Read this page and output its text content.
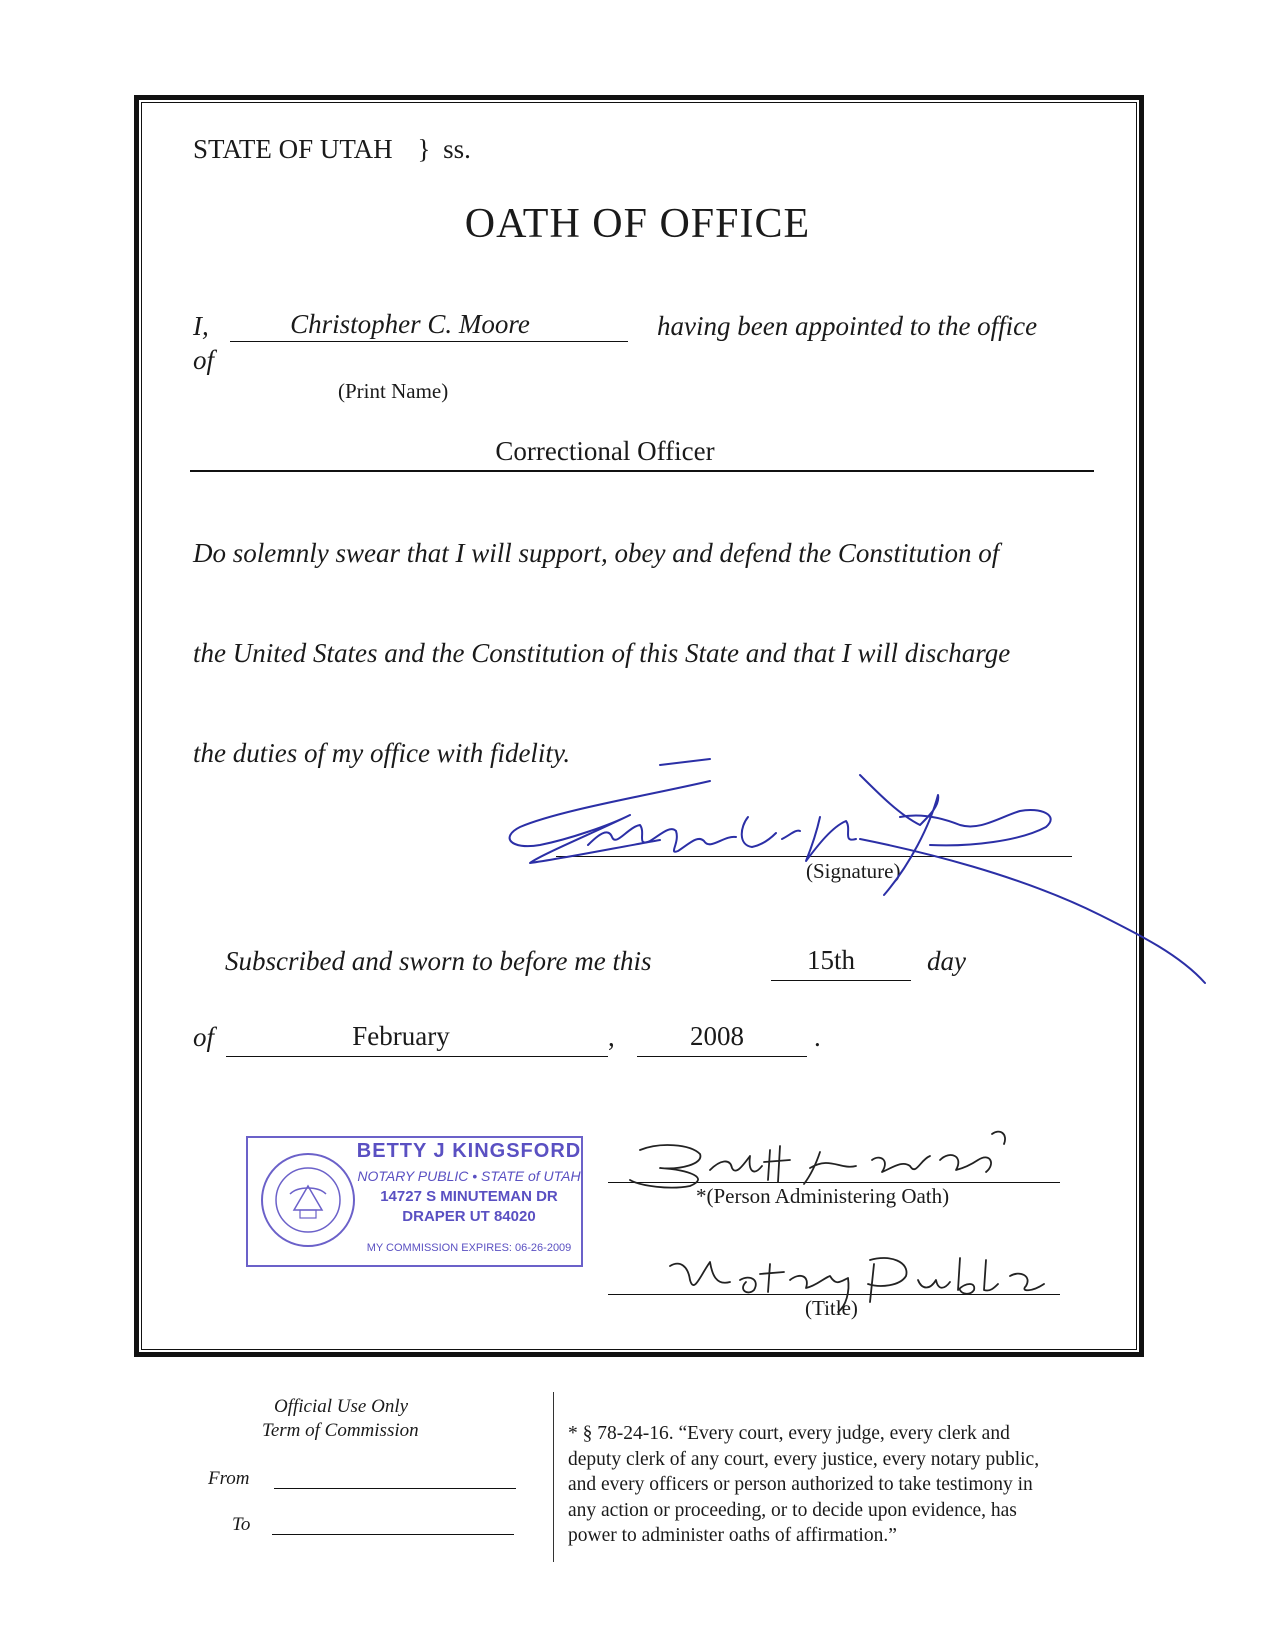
STATE OF UTAH } ss.
OATH OF OFFICE
I,	Christopher C. Moore	having been appointed to the office
of
(Print Name)
Correctional Officer
Do solemnly swear that I will support, obey and defend the Constitution of
the United States and the Constitution of this State and that I will discharge
the duties of my office with fidelity.
(Signature)
Subscribed and sworn to before me this	15th	day
of	February	,	2008	.
BETTY J KINGSFORD
NOTARY PUBLIC • STATE of UTAH
14727 S MINUTEMAN DR
DRAPER UT 84020
MY COMMISSION EXPIRES: 06-26-2009
*(Person Administering Oath)
(Title)
Official Use Only
Term of Commission
From
To
* § 78-24-16. “Every court, every judge, every clerk and
deputy clerk of any court, every justice, every notary public,
and every officers or person authorized to take testimony in
any action or proceeding, or to decide upon evidence, has
power to administer oaths of affirmation.”
